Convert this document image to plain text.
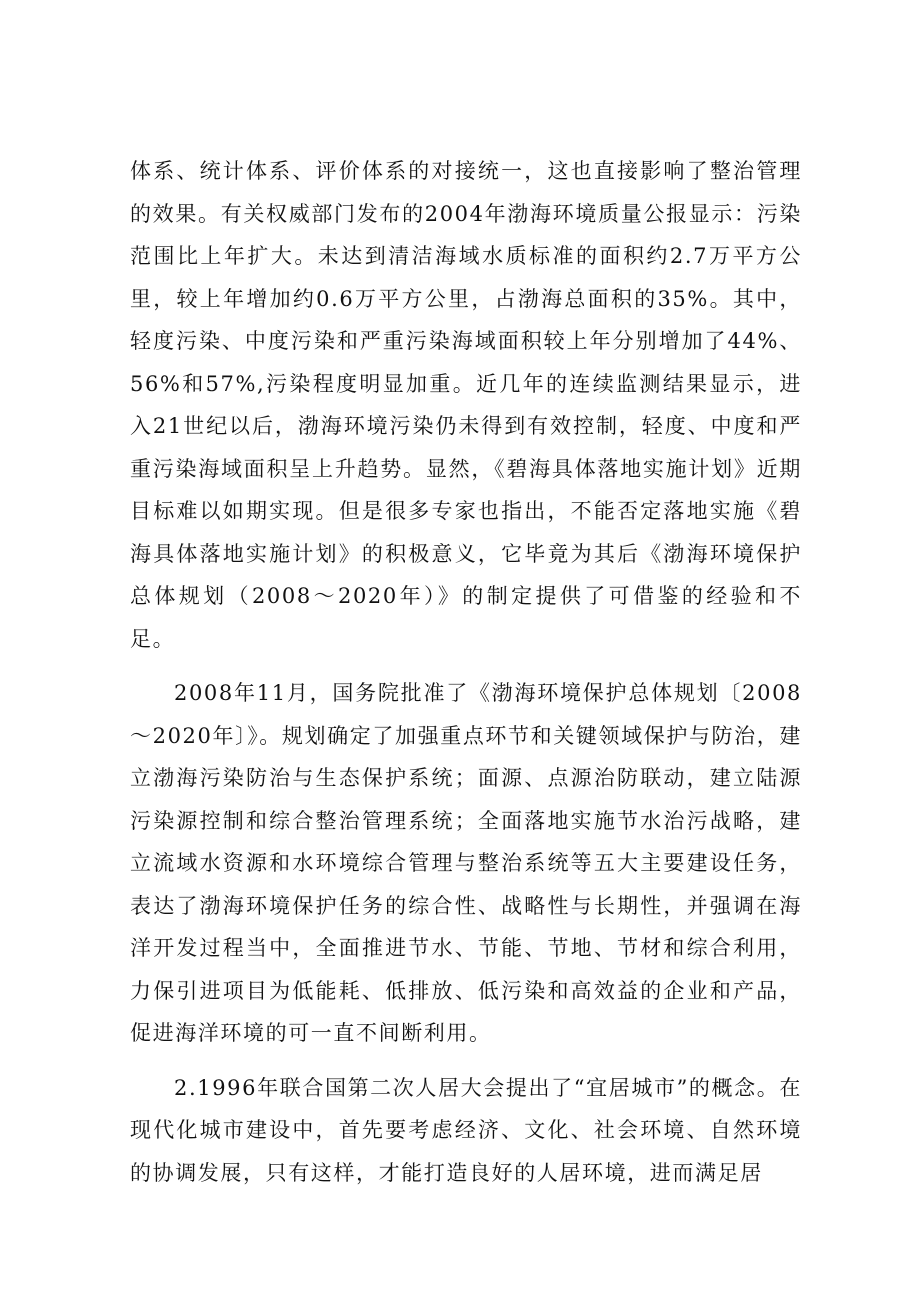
体系、统计体系、评价体系的对接统一，这也直接影响了整治管理的效果。有关权威部门发布的2004年渤海环境质量公报显示：污染范围比上年扩大。未达到清洁海域水质标准的面积约2.7万平方公里，较上年增加约0.6万平方公里，占渤海总面积的35%。其中，轻度污染、中度污染和严重污染海域面积较上年分别增加了44%、56%和57%,污染程度明显加重。近几年的连续监测结果显示，进入21世纪以后，渤海环境污染仍未得到有效控制，轻度、中度和严重污染海域面积呈上升趋势。显然，《碧海具体落地实施计划》近期目标难以如期实现。但是很多专家也指出，不能否定落地实施《碧海具体落地实施计划》的积极意义，它毕竟为其后《渤海环境保护总体规划（2008～2020年）》的制定提供了可借鉴的经验和不足。

2008年11月，国务院批准了《渤海环境保护总体规划〔2008～2020年〕》。规划确定了加强重点环节和关键领域保护与防治，建立渤海污染防治与生态保护系统；面源、点源治防联动，建立陆源污染源控制和综合整治管理系统；全面落地实施节水治污战略，建立流域水资源和水环境综合管理与整治系统等五大主要建设任务，表达了渤海环境保护任务的综合性、战略性与长期性，并强调在海洋开发过程当中，全面推进节水、节能、节地、节材和综合利用，力保引进项目为低能耗、低排放、低污染和高效益的企业和产品，促进海洋环境的可一直不间断利用。

2.1996年联合国第二次人居大会提出了“宜居城市”的概念。在现代化城市建设中，首先要考虑经济、文化、社会环境、自然环境的协调发展，只有这样，才能打造良好的人居环境，进而满足居
